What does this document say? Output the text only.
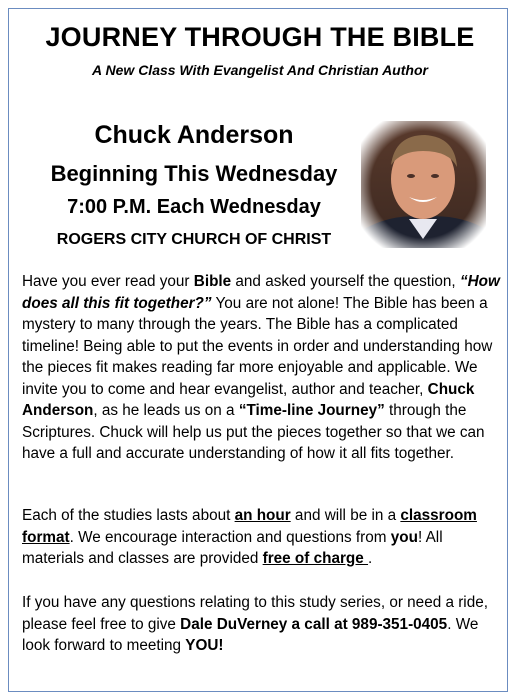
JOURNEY THROUGH THE BIBLE
A New Class With Evangelist And Christian Author
Chuck Anderson
Beginning This Wednesday
7:00 P.M. Each Wednesday
ROGERS CITY CHURCH OF CHRIST
Have you ever read your Bible and asked yourself the question, “How does all this fit together?” You are not alone! The Bible has been a mystery to many through the years. The Bible has a complicated timeline! Being able to put the events in order and understanding how the pieces fit makes reading far more enjoyable and applicable. We invite you to come and hear evangelist, author and teacher, Chuck Anderson, as he leads us on a “Time-line Journey” through the Scriptures. Chuck will help us put the pieces together so that we can have a full and accurate understanding of how it all fits together.
Each of the studies lasts about an hour and will be in a classroom format. We encourage interaction and questions from you! All materials and classes are provided free of charge .
If you have any questions relating to this study series, or need a ride, please feel free to give Dale DuVerney a call at 989-351-0405. We look forward to meeting YOU!
